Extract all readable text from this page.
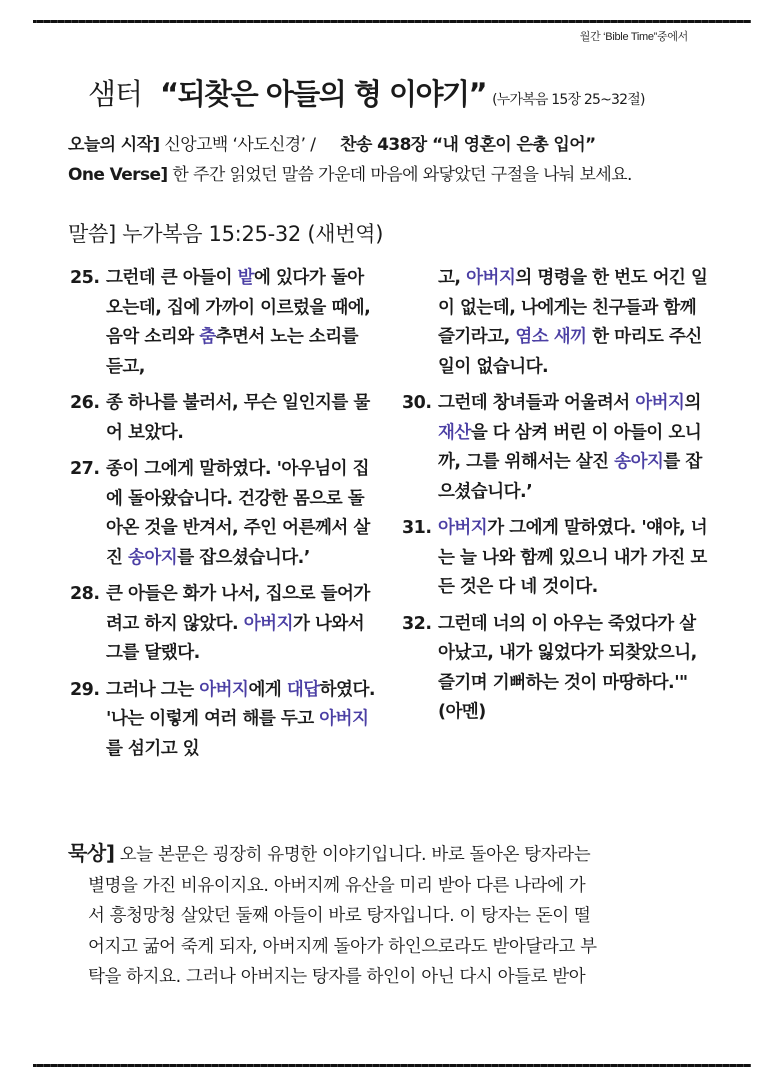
월간 ‘Bible Time”중에서
샘터 “되찾은 아들의 형 이야기” (누가복음 15장 25~32절)
오늘의 시작] 신앙고백 ‘사도신경’ / 찬송 438장 “내 영혼이 은총 입어”
One Verse] 한 주간 읽었던 말씀 가운데 마음에 와닿았던 구절을 나눠 보세요.
말씀] 누가복음 15:25-32 (새번역)
25. 그런데 큰 아들이 밭에 있다가 돌아오는데, 집에 가까이 이르렀을 때에, 음악 소리와 춤추면서 노는 소리를 듣고,
26. 종 하나를 불러서, 무슨 일인지를 물어 보았다.
27. 종이 그에게 말하였다. '아우님이 집에 돌아왔습니다. 건강한 몸으로 돌아온 것을 반겨서, 주인 어른께서 살진 송아지를 잡으셨습니다.’
28. 큰 아들은 화가 나서, 집으로 들어가려고 하지 않았다. 아버지가 나와서 그를 달랬다.
29. 그러나 그는 아버지에게 대답하였다. '나는 이렇게 여러 해를 두고 아버지를 섬기고 있
고, 아버지의 명령을 한 번도 어긴 일이 없는데, 나에게는 친구들과 함께 즐기라고, 염소 새끼 한 마리도 주신 일이 없습니다.
30. 그런데 창녀들과 어울려서 아버지의 재산을 다 삼켜 버린 이 아들이 오니까, 그를 위해서는 살진 송아지를 잡으셨습니다.’
31. 아버지가 그에게 말하였다. '얘야, 너는 늘 나와 함께 있으니 내가 가진 모든 것은 다 네 것이다.
32. 그런데 너의 이 아우는 죽었다가 살아났고, 내가 잃었다가 되찾았으니, 즐기며 기뻐하는 것이 마땅하다.'" (아멘)
묵상] 오늘 본문은 굉장히 유명한 이야기입니다. 바로 돌아온 탕자라는
별명을 가진 비유이지요. 아버지께 유산을 미리 받아 다른 나라에 가
서 흥청망청 살았던 둘째 아들이 바로 탕자입니다. 이 탕자는 돈이 떨
어지고 굶어 죽게 되자, 아버지께 돌아가 하인으로라도 받아달라고 부
탁을 하지요. 그러나 아버지는 탕자를 하인이 아닌 다시 아들로 받아
